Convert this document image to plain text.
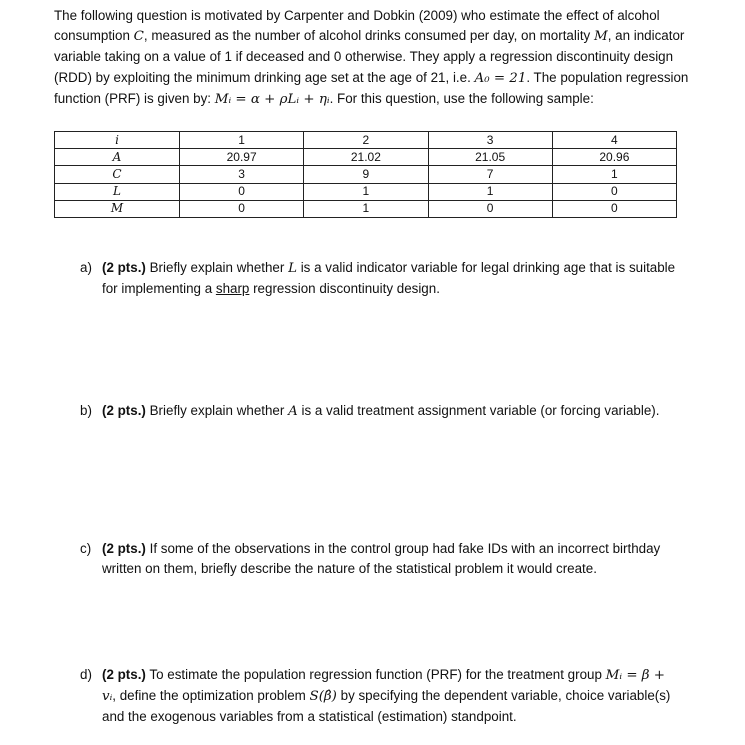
The following question is motivated by Carpenter and Dobkin (2009) who estimate the effect of alcohol consumption C, measured as the number of alcohol drinks consumed per day, on mortality M, an indicator variable taking on a value of 1 if deceased and 0 otherwise. They apply a regression discontinuity design (RDD) by exploiting the minimum drinking age set at the age of 21, i.e. A₀ = 21. The population regression function (PRF) is given by: Mᵢ = α + ρLᵢ + ηᵢ. For this question, use the following sample:
i	1	2	3	4
A	20.97	21.02	21.05	20.96
C	3	9	7	1
L	0	1	1	0
M	0	1	0	0
a) (2 pts.) Briefly explain whether L is a valid indicator variable for legal drinking age that is suitable for implementing a sharp regression discontinuity design.
b) (2 pts.) Briefly explain whether A is a valid treatment assignment variable (or forcing variable).
c) (2 pts.) If some of the observations in the control group had fake IDs with an incorrect birthday written on them, briefly describe the nature of the statistical problem it would create.
d) (2 pts.) To estimate the population regression function (PRF) for the treatment group Mᵢ = β + vᵢ, define the optimization problem S(β̂) by specifying the dependent variable, choice variable(s) and the exogenous variables from a statistical (estimation) standpoint.
